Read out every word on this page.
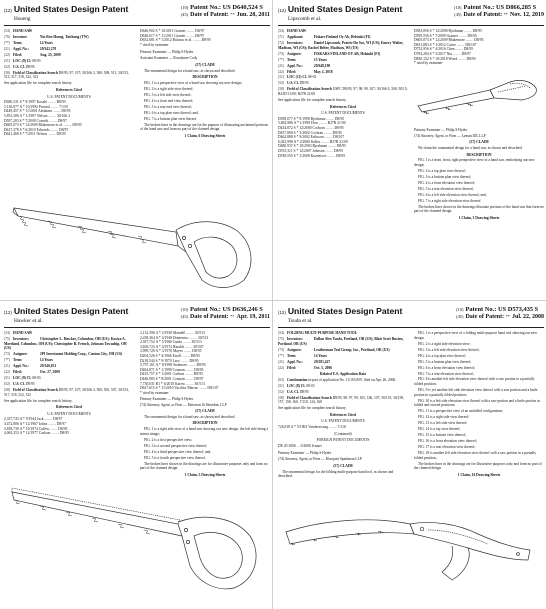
(12) United States Design Patent
Hsueng
(10) Patent No.: US D640,524 S
(45) Date of Patent: ** Jun. 28, 2011
(54) HAND SAW
(76) Inventor:	Yin Ren Hsung, Taichung (TW)
(**) Term:	14 Years
(21) Appl. No.:	29/342,270
(22) Filed:	Aug. 25, 2009
(51) LOC (9) Cl. 08-03
(52) U.S. Cl. D8/95
(58) Field of Classification Search D8/95, 97, 107; 30/166.3, 500, 508, 511, 30/513, 513, 517, 518, 522, 523
See application file for complete search history.
References Cited
U.S. PATENT DOCUMENTS
D380,331 S * 9/1997 Kosaki ........ D8/95
5,156,977 A * 10/1992 Proniul ........ 7/150
D449,457 S * 11/2001 Abraham ........ D8/95
5,851,306 A * 1/1997 Nelson ........ 30/166.3
D597,203 S * 7/2009 Cornish ........ D8/97
D605,073 S * 12/2009 Blakemore et al. ........ D8/95
D617,378 S * 6/2010 Edwards ........ D8/97
D641,468 S * 7/2011 Nelson ........ D8/95
D646,902 S * 10/2011 Granier ........ D8/97
D648,617 S * 11/2011 Granier ........ D8/97
D652,681 S * 1/2012 Bulawa et al. ........ D8/95
* cited by examiner
Primary Examiner — Philip S Hyder
Assistant Examiner — Rosalynne Cody
(57) CLAIM
The ornamental design for a hand saw, as shown and described.
DESCRIPTION
FIG. 1 is a perspective view of a hand saw showing my new design;
FIG. 2 is a right side view thereof;
FIG. 3 is a left side view thereof;
FIG. 4 is a front end view thereof;
FIG. 5 is a rear end view thereof;
FIG. 6 is a top plan view thereof; and,
FIG. 7 is a bottom plan view thereof.
The broken lines in the drawings are for the purpose of illustrating unclaimed portions of the hand saw and form no part of the claimed design.
1 Claim, 6 Drawing Sheets
(12) United States Design Patent
Lipscomb et al.
(10) Patent No.: US D866,285 S
(45) Date of Patent: ** Nov. 12, 2019
(54) HAND SAW
(71) Applicant:	Fiskars Finland Oy Ab, Helsinki (FI)
(72) Inventors:	Daniel Lipscomb, Prairie Du Sac, WI (US); Emery Walter, Madison, WI (US); Rachel Belter, Madison, WI (US)
(73) Assignee:	FISKARS FINLAND OY AB, Helsinki (FI)
(**) Term:	15 Years
(21) Appl. No.:	29/648,190
(22) Filed:	May 2, 2018
(51) LOC (11) Cl. 08-03
(52) U.S. Cl. D8/95
(58) Field of Classification Search USPC D8/95, 97, 98, 99, 107; 30/166.3, 500, 503.5; B23D 51/00; B27B 21/00
See application file for complete search history.
References Cited
U.S. PATENT DOCUMENTS
D398,077 S * 9/1998 Bjorkman ........ D8/95
5,862,986 A * 1/1999 Dow ........ B27B 21/00
D434,872 S * 12/2000 Cochran ........ D8/95
D457,808 S * 3/2002 Cochran ........ D8/95
D462,888 S * 9/2002 Eriksson ........ D8/107
6,023,998 A * 2/2000 Keller ........ B27B 21/00
D480,937 S * 10/2003 Bjorkman ........ D8/95
D555,311 S * 12/2007 Johnson ........ D8/95
D558,555 S * 1/2008 Kuznetsov ........ D8/95
D583,856 S * 12/2008 Bjorkman ........ D8/95
D595,556 S * 7/2009 Granier ........ D8/95
D605,073 S * 12/2009 Blakemore ........ D8/95
D651,883 S * 1/2012 Carter ........ D8/107
D752,956 S * 4/2016 Chen ........ D8/95
D782,284 S * 3/2017 Niu ........ D8/97
D830,152 S * 10/2018 Wood ........ D8/95
* cited by examiner
Primary Examiner — Philip S Hyder
(74) Attorney, Agent, or Firm — Lyman IDL LLP
(57) CLAIM
We claim the ornamental design for a hand saw, as shown and described.
DESCRIPTION
FIG. 1 is a front, front, right perspective view of a hand saw, embodying our new design;
FIG. 2 is a top plan view thereof;
FIG. 3 is a bottom plan view thereof;
FIG. 4 is a front elevation view thereof;
FIG. 5 is a rear elevation view thereof;
FIG. 6 is a left side elevation view thereof; and,
FIG. 7 is a right side elevation view thereof.
The broken lines shown in the drawings illustrate portions of the hand saw that form no part of the claimed design.
1 Claim, 3 Drawing Sheets
(12) United States Design Patent
Hawker et al.
(10) Patent No.: US D636,246 S
(45) Date of Patent: ** Apr. 19, 2011
(54) HAND SAW
(75) Inventors:	Christopher L. Hawker, Columbus, OH (US); Kostya A. Moreland, Columbus, OH (US); Christopher R. French, Johnson Township, OH (US)
(73) Assignee:	JPI Investment Holding Corp., Canton City, OH (US)
(**) Term:	14 Years
(21) Appl. No.:	29/346,051
(22) Filed:	Oct. 27, 2009
(51) LOC (9) Cl. 08-03
(52) U.S. Cl. D8/95
(58) Field of Classification Search D8/95, 97, 107; 30/166.3, 500, 505, 507, 30/513, 517, 518, 522, 523
See application file for complete search history.
References Cited
U.S. PATENT DOCUMENTS
2,357,743 A * 9/1944 Jack ........ D8/97
3,472,806 A * 12/1967 Johns ........ D8/97
3,838,730 A * 10/1974 Cullen ........ D8/95
4,063,353 A * 12/1977 Carlson ........ D8/95
2,132,396 A * 2/1938 Mandell ........ 30/513
2,438,364 A * 4/1948 Domenico ........ 30/513
2,937,752 A * 5/1960 Guida ........ 30/513
3,656,723 A * 4/1972 Rinaldi ........ 30/507
3,999,720 A * 3/1976 Mayes ........ D8/95
D204,526 S * 4/1966 Ewell ........ D8/95
D218,544 S * 9/1970 Lacy ........ D8/95
5,797,101 A * 8/1998 Sizemore ........ D8/95
D404,871 S * 1/1999 Cosman ........ D8/95
D435,757 S * 1/2001 Carlson ........ D8/95
D446,985 S * 8/2001 Cosman ........ D8/97
7,730,631 B1 * 6/2010 Karow ........ 30/513
D627,615 S * 11/2010 Vacchio-Marras ........ D8/107
* cited by examiner
Primary Examiner — Philip S Hyder
(74) Attorney, Agent, or Firm — Patterson & Sheridan, LLP
(57) CLAIM
The ornamental design for a hand saw, as shown and described.
DESCRIPTION
FIG. 1 is a right side view of a hand saw showing our new design, the left side being a mirror image;
FIG. 2 is a first perspective view;
FIG. 3 is a second perspective view thereof;
FIG. 4 is a third perspective view thereof; and,
FIG. 5 is a fourth perspective view thereof.
The broken lines shown in the drawings are for illustrative purposes only and form no part of the claimed design.
1 Claim, 5 Drawing Sheets
(12) United States Design Patent
Tsuda et al.
(10) Patent No.: US D573,435 S
(45) Date of Patent: ** Jul. 22, 2008
(54) FOLDING MULTI-PURPOSE HAND TOOL
(75) Inventors:	Dollan Alex Tsuda, Portland, OR (US); Blair Scott Rusten, Portland, OR (US)
(73) Assignee:	Leatherman Tool Group, Inc., Portland, OR (US)
(**) Term:	14 Years
(21) Appl. No.:	29/281,427
(22) Filed:	Oct. 5, 2006
Related U.S. Application Data
(63) Continuation in-part of application No. 11/165,859, filed on Apr. 26, 2006.
(51) LOC (8) Cl. 08-03
(52) U.S. Cl. D8/95
(58) Field of Classification Search D8/95, 98, 97, 99, 105, 106, 107; 30/155, 30/158, 157, 158, 160, 7/118, 124, 168
See application file for complete search history.
References Cited
U.S. PATENT DOCUMENTS
726,918 A * 5/1903 Vanderzwaag ........ 7/118
(Continued)
FOREIGN PATENT DOCUMENTS
DE 20 2006 ... 6/2006 Ivanov
Primary Examiner — Philip S Hyder
(74) Attorney, Agent, or Firm — Klarquist Sparkman LLP
(57) CLAIM
The ornamental design for the folding multi-purpose hand tool, as shown and described.
FIG. 1 is a perspective view of a folding multi-purpose hand tool showing our new design;
FIG. 2 is a right side elevation view;
FIG. 3 is a left side elevation view thereof;
FIG. 4 is a top plan view thereof;
FIG. 5 is a bottom plan view thereof;
FIG. 6 is a front elevation view thereof;
FIG. 7 is a rear elevation view thereof;
FIG. 8 is another left side elevation view thereof with a saw portion in a partially folded position;
FIG. 9 is yet another left side elevation view thereof with a saw portion and a knife portion in a partially folded position;
FIG. 10 is a left side elevation view thereof with a saw portion and a knife portion in folded and stowed positions;
FIG. 11 is a perspective view of an unfolded configuration;
FIG. 12 is a right side view thereof;
FIG. 13 is a left side view thereof;
FIG. 14 is a top view thereof;
FIG. 15 is a bottom view thereof;
FIG. 16 is a front elevation view thereof;
FIG. 17 is a rear elevation view thereof;
FIG. 18 is another left side elevation view thereof with a saw portion in a partially folded position;
The broken lines in the drawings are for illustrative purposes only and form no part of the claimed design.
1 Claim, 16 Drawing Sheets
